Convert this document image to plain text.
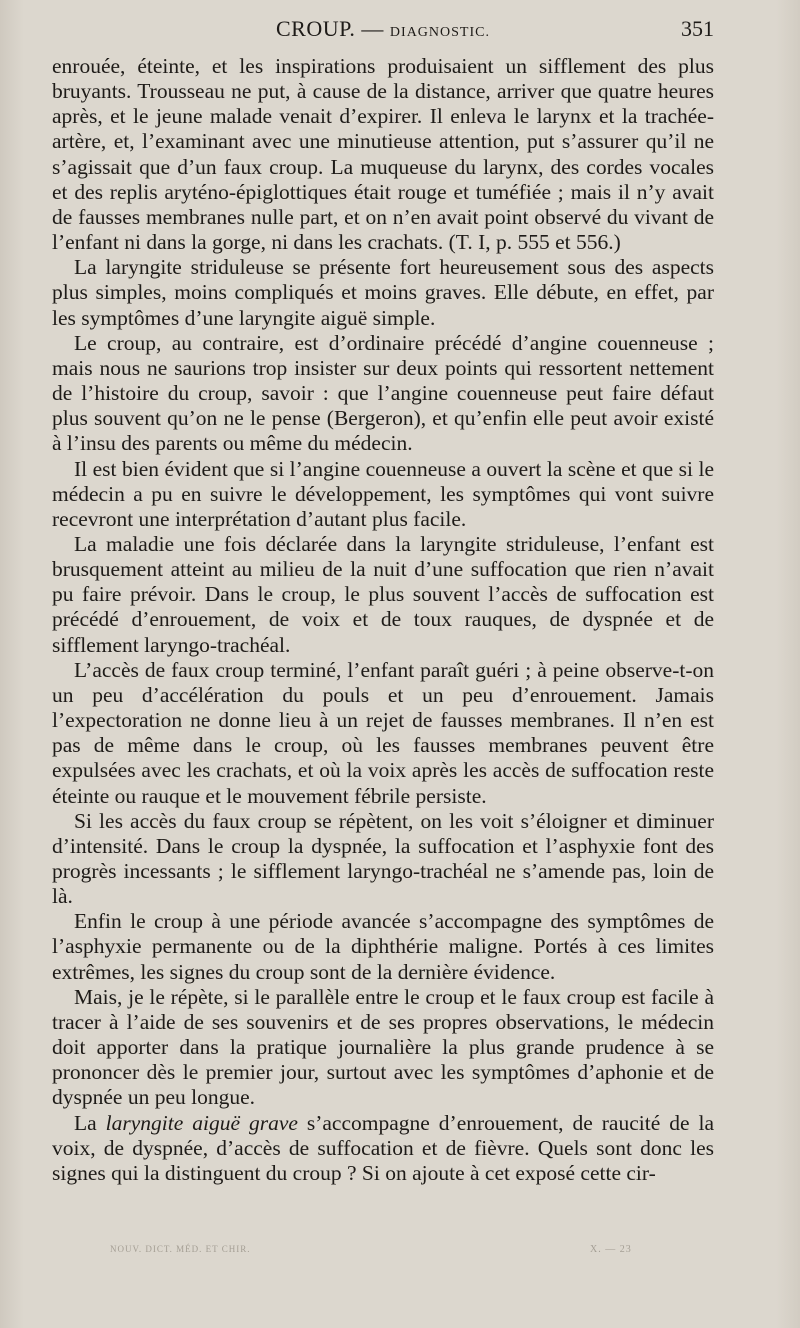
CROUP. — DIAGNOSTIC.	351

enrouée, éteinte, et les inspirations produisaient un sifflement des plus bruyants. Trousseau ne put, à cause de la distance, arriver que quatre heures après, et le jeune malade venait d’expirer. Il enleva le larynx et la trachée-artère, et, l’examinant avec une minutieuse attention, put s’assurer qu’il ne s’agissait que d’un faux croup. La muqueuse du larynx, des cordes vocales et des replis aryténo-épiglottiques était rouge et tuméfiée ; mais il n’y avait de fausses membranes nulle part, et on n’en avait point observé du vivant de l’enfant ni dans la gorge, ni dans les crachats. (T. I, p. 555 et 556.)

La laryngite striduleuse se présente fort heureusement sous des aspects plus simples, moins compliqués et moins graves. Elle débute, en effet, par les symptômes d’une laryngite aiguë simple.

Le croup, au contraire, est d’ordinaire précédé d’angine couenneuse ; mais nous ne saurions trop insister sur deux points qui ressortent nettement de l’histoire du croup, savoir : que l’angine couenneuse peut faire défaut plus souvent qu’on ne le pense (Bergeron), et qu’enfin elle peut avoir existé à l’insu des parents ou même du médecin.

Il est bien évident que si l’angine couenneuse a ouvert la scène et que si le médecin a pu en suivre le développement, les symptômes qui vont suivre recevront une interprétation d’autant plus facile.

La maladie une fois déclarée dans la laryngite striduleuse, l’enfant est brusquement atteint au milieu de la nuit d’une suffocation que rien n’avait pu faire prévoir. Dans le croup, le plus souvent l’accès de suffocation est précédé d’enrouement, de voix et de toux rauques, de dyspnée et de sifflement laryngo-trachéal.

L’accès de faux croup terminé, l’enfant paraît guéri ; à peine observe-t-on un peu d’accélération du pouls et un peu d’enrouement. Jamais l’expectoration ne donne lieu à un rejet de fausses membranes. Il n’en est pas de même dans le croup, où les fausses membranes peuvent être expulsées avec les crachats, et où la voix après les accès de suffocation reste éteinte ou rauque et le mouvement fébrile persiste.

Si les accès du faux croup se répètent, on les voit s’éloigner et diminuer d’intensité. Dans le croup la dyspnée, la suffocation et l’asphyxie font des progrès incessants ; le sifflement laryngo-trachéal ne s’amende pas, loin de là.

Enfin le croup à une période avancée s’accompagne des symptômes de l’asphyxie permanente ou de la diphthérie maligne. Portés à ces limites extrêmes, les signes du croup sont de la dernière évidence.

Mais, je le répète, si le parallèle entre le croup et le faux croup est facile à tracer à l’aide de ses souvenirs et de ses propres observations, le médecin doit apporter dans la pratique journalière la plus grande prudence à se prononcer dès le premier jour, surtout avec les symptômes d’aphonie et de dyspnée un peu longue.

La laryngite aiguë grave s’accompagne d’enrouement, de raucité de la voix, de dyspnée, d’accès de suffocation et de fièvre. Quels sont donc les signes qui la distinguent du croup ? Si on ajoute à cet exposé cette cir-

NOUV. DICT. MÉD. ET CHIR.	X. — 23
